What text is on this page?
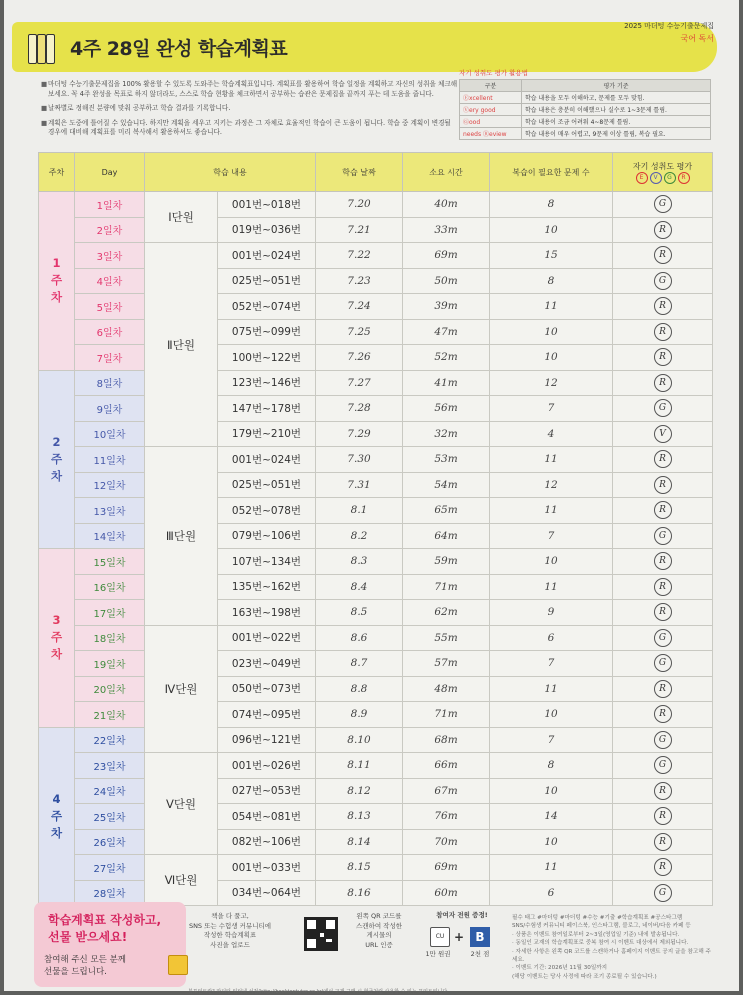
4주 28일 완성 학습계획표
2025 마더텅 수능기출문제집
국어 독서

■ 마더텅 수능기출문제집을 100% 활용할 수 있도록 도와주는 학습계획표입니다. 계획표를 활용하여 학습 일정을 계획하고 자신의 성취을 체크해 보세요. 꼭 4주 완성을 목표로 하지 않더라도, 스스로 학습 현황을 체크하면서 공부하는 습관은 문제집을 끝까지 푸는 데 도움을 줍니다.

■ 날짜별로 정해진 분량에 맞춰 공부하고 학습 결과를 기록합니다.

■ 계획은 도중에 틀어질 수 있습니다. 하지만 계획을 세우고 지키는 과정은 그 자체로 효율적인 학습이 큰 도움이 됩니다. 학습 중 계획이 변경될 경우에 대비해 계획표를 미리 복사해서 활용하셔도 좋습니다.

자기 성취도 평가 활용법
구분	평가 기준
Ⓔxcellent	학습 내용을 모두 이해하고, 문제를 모두 맞힘.
Ⓥery good	학습 내용은 충분히 이해했으나 실수로 1~3문제 틀림.
Ⓖood	학습 내용이 조금 어려워 4~8문제 틀림.
needs Ⓡeview	학습 내용이 매우 어렵고, 9문제 이상 틀림, 복습 필요.
주차	Day	학습 내용		학습 날짜	소요 시간	복습이 필요한 문제 수	자기 성취도 평가
E V G R

1
주
차	1일차	Ⅰ단원	001번~018번	7.20	40m	8	G
	2일차		019번~036번	7.21	33m	10	R
	3일차	Ⅱ단원	001번~024번	7.22	69m	15	R
	4일차		025번~051번	7.23	50m	8	G
	5일차		052번~074번	7.24	39m	11	R
	6일차		075번~099번	7.25	47m	10	R
	7일차		100번~122번	7.26	52m	10	R
2
주
차	8일차		123번~146번	7.27	41m	12	R
	9일차		147번~178번	7.28	56m	7	G
	10일차		179번~210번	7.29	32m	4	V
	11일차	Ⅲ단원	001번~024번	7.30	53m	11	R
	12일차		025번~051번	7.31	54m	12	R
	13일차		052번~078번	8.1	65m	11	R
	14일차		079번~106번	8.2	64m	7	G
3
주
차	15일차		107번~134번	8.3	59m	10	R
	16일차		135번~162번	8.4	71m	11	R
	17일차		163번~198번	8.5	62m	9	R
	18일차	Ⅳ단원	001번~022번	8.6	55m	6	G
	19일차		023번~049번	8.7	57m	7	G
	20일차		050번~073번	8.8	48m	11	R
	21일차		074번~095번	8.9	71m	10	R
4
주
차	22일차		096번~121번	8.10	68m	7	G
	23일차	Ⅴ단원	001번~026번	8.11	66m	8	G
	24일차		027번~053번	8.12	67m	10	R
	25일차		054번~081번	8.13	76m	14	R
	26일차		082번~106번	8.14	70m	10	R
	27일차	Ⅵ단원	001번~033번	8.15	69m	11	R
	28일차		034번~064번	8.16	60m	6	G
학습계획표 작성하고,
선물 받으세요!
참여해 주신 모든 분께
선물을 드립니다.
책을 다 풀고,
SNS 또는 수험생 커뮤니티에
작성한 학습계획표
사진을 업로드
왼쪽 QR 코드를
스캔하여 작성한
게시물의
URL 인증
참여자 전원 증정!
CU + B
1만 원권	2천 점
필수 태그 #마더텅 #마더텅 #수능 #기출 #학습계획표 #공스타그램
SNS/수험생 커뮤니티 페이스북, 인스타그램, 블로그, 네이버/다음 카페 등
· 상품은 이벤트 참여일로부터 2~3일(영업일 기준) 내에 발송됩니다.
· 동일인 교재의 학습계획표로 중복 참여 시 이벤트 대상에서 제외됩니다.
· 자세한 사항은 왼쪽 QR 코드를 스캔하거나 홈페이지 이벤트 공지 글을 참고해 주세요.
· 이벤트 기간: 2026년 11월 30일까지
(해당 이벤트는 당사 사정에 따라 조기 종료될 수 있습니다.)
북포인트란? 마더텅 인터넷 서점(http://booktoptutor.co.kr)에서 교재 구매 시 현금처럼 사용할 수 있는 포인트입니다.
